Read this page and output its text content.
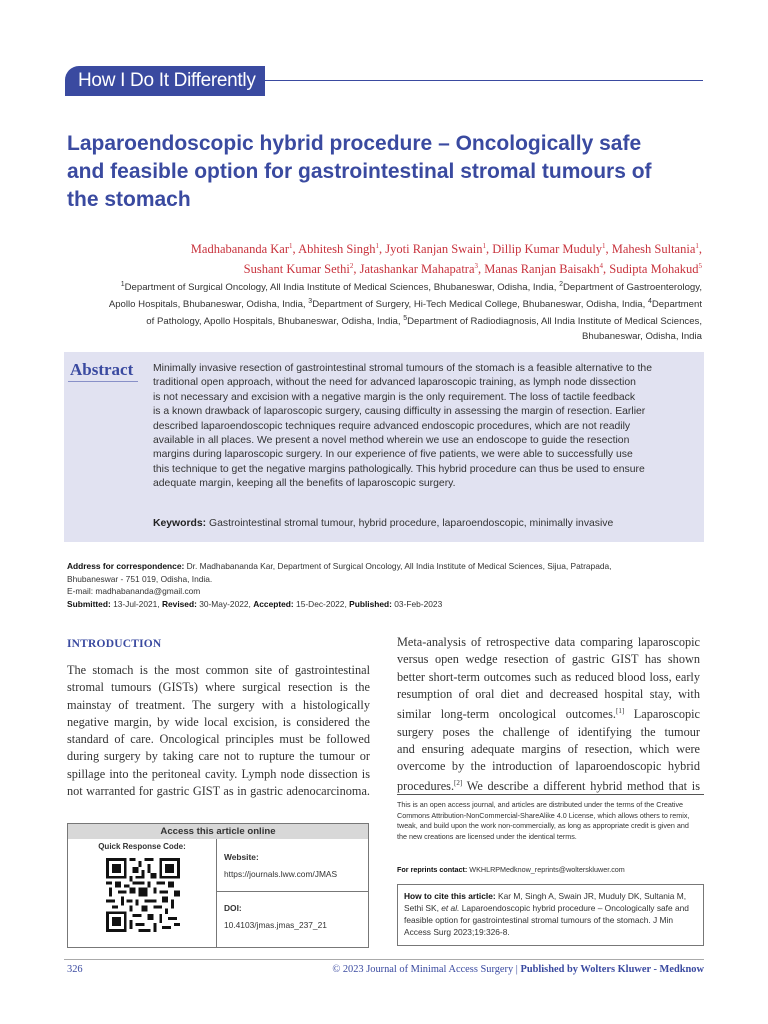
How I Do It Differently
Laparoendoscopic hybrid procedure – Oncologically safe
and feasible option for gastrointestinal stromal tumours of
the stomach
Madhabananda Kar$^1$, Abhitesh Singh$^1$, Jyoti Ranjan Swain$^1$, Dillip Kumar Muduly$^1$, Mahesh Sultania$^1$,
Sushant Kumar Sethi$^2$, Jatashankar Mahapatra$^3$, Manas Ranjan Baisakh$^4$, Sudipta Mohakud$^5$
$^1$Department of Surgical Oncology, All India Institute of Medical Sciences, Bhubaneswar, Odisha, India, $^2$Department of Gastroenterology,
Apollo Hospitals, Bhubaneswar, Odisha, India, $^3$Department of Surgery, Hi-Tech Medical College, Bhubaneswar, Odisha, India, $^4$Department
of Pathology, Apollo Hospitals, Bhubaneswar, Odisha, India, $^5$Department of Radiodiagnosis, All India Institute of Medical Sciences,
Bhubaneswar, Odisha, India
Abstract Minimally invasive resection of gastrointestinal stromal tumours of the stomach is a feasible alternative to the
traditional open approach, without the need for advanced laparoscopic training, as lymph node dissection
is not necessary and excision with a negative margin is the only requirement. The loss of tactile feedback
is a known drawback of laparoscopic surgery, causing difficulty in assessing the margin of resection. Earlier
described laparoendoscopic techniques require advanced endoscopic procedures, which are not readily
available in all places. We present a novel method wherein we use an endoscope to guide the resection
margins during laparoscopic surgery. In our experience of five patients, we were able to successfully use
this technique to get the negative margins pathologically. This hybrid procedure can thus be used to ensure
adequate margin, keeping all the benefits of laparoscopic surgery.
Keywords: Gastrointestinal stromal tumour, hybrid procedure, laparoendoscopic, minimally invasive
Address for correspondence: Dr. Madhabananda Kar, Department of Surgical Oncology, All India Institute of Medical Sciences, Sijua, Patrapada,
Bhubaneswar - 751 019, Odisha, India.
E-mail: madhabananda@gmail.com
Submitted: 13-Jul-2021, Revised: 30-May-2022, Accepted: 15-Dec-2022, Published: 03-Feb-2023
INTRODUCTION
The stomach is the most common site of gastrointestinal
stromal tumours (GISTs) where surgical resection is the
mainstay of treatment. The surgery with a histologically
negative margin, by wide local excision, is considered the
standard of care. Oncological principles must be followed
during surgery by taking care not to rupture the tumour or
spillage into the peritoneal cavity. Lymph node dissection is
not warranted for gastric GIST as in gastric adenocarcinoma.
Meta-analysis of retrospective data comparing laparoscopic
versus open wedge resection of gastric GIST has shown
better short-term outcomes such as reduced blood loss, early
resumption of oral diet and decreased hospital stay, with
similar long-term oncological outcomes.[1] Laparoscopic
surgery poses the challenge of identifying the tumour
and ensuring adequate margins of resection, which were
overcome by the introduction of laparoendoscopic hybrid
procedures.[2] We describe a different hybrid method that is
Access this article online
Quick Response Code:
Website:
https://journals.lww.com/JMAS
DOI:
10.4103/jmas.jmas_237_21
This is an open access journal, and articles are distributed under the terms of the Creative
Commons Attribution-NonCommercial-ShareAlike 4.0 License, which allows others to remix,
tweak, and build upon the work non-commercially, as long as appropriate credit is given and
the new creations are licensed under the identical terms.
For reprints contact: WKHLRPMedknow_reprints@wolterskluwer.com
How to cite this article: Kar M, Singh A, Swain JR, Muduly DK, Sultania M,
Sethi SK, et al. Laparoendoscopic hybrid procedure – Oncologically safe and
feasible option for gastrointestinal stromal tumours of the stomach. J Min
Access Surg 2023;19:326-8.
326	© 2023 Journal of Minimal Access Surgery | Published by Wolters Kluwer - Medknow
